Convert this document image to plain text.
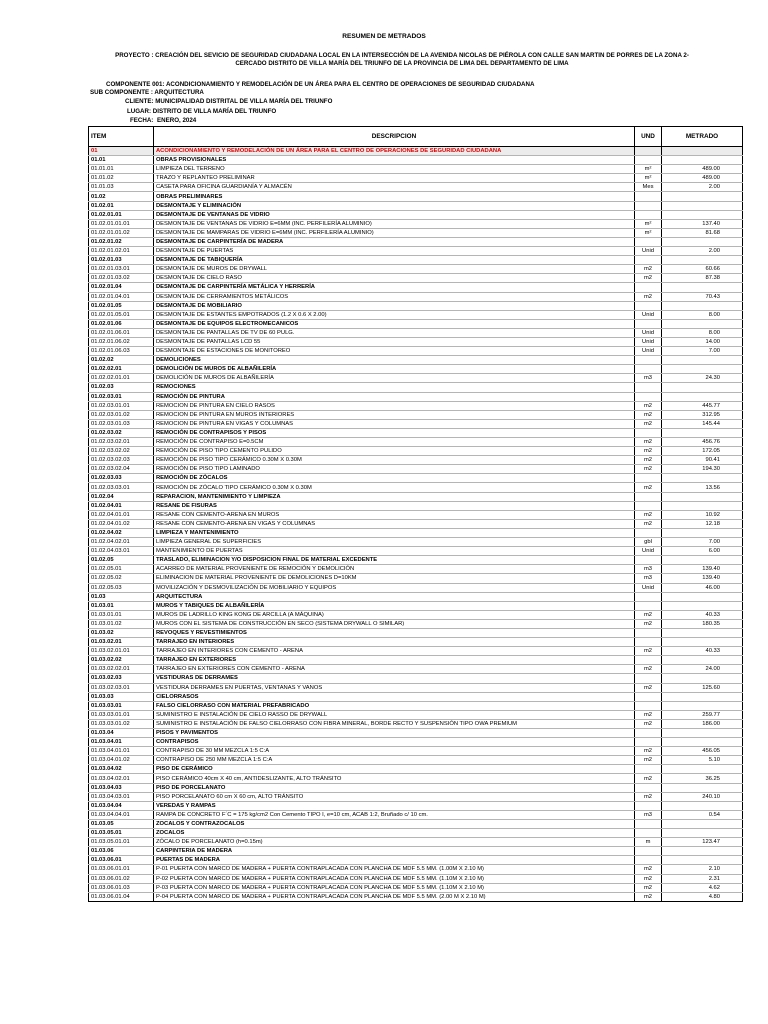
RESUMEN DE METRADOS
PROYECTO : CREACIÓN DEL SEVICIO DE SEGURIDAD CIUDADANA LOCAL EN LA INTERSECCIÓN DE LA AVENIDA NICOLAS DE PIÉROLA CON CALLE SAN MARTIN DE PORRES DE LA ZONA 2-
CERCADO DISTRITO DE VILLA MARÍA DEL TRIUNFO DE LA PROVINCIA DE LIMA DEL DEPARTAMENTO DE LIMA
COMPONENTE 001: ACONDICIONAMIENTO Y REMODELACIÓN DE UN ÁREA PARA EL CENTRO DE OPERACIONES DE SEGURIDAD CIUDADANA
SUB COMPONENTE : ARQUITECTURA
CLIENTE: MUNICIPALIDAD DISTRITAL DE VILLA MARÍA DEL TRIUNFO
LUGAR: DISTRITO DE VILLA MARÍA DEL TRIUNFO
FECHA: ENERO, 2024
ITEM	DESCRIPCION	UND	METRADO
01	ACONDICIONAMIENTO Y REMODELACIÓN DE UN ÁREA PARA EL CENTRO DE OPERACIONES DE SEGURIDAD CIUDADANA		
01.01	OBRAS PROVISIONALES		
01.01.01	LIMPIEZA DEL TERRENO	m²	489.00
01.01.02	TRAZO Y REPLANTEO PRELIMINAR	m²	489.00
01.01.03	CASETA PARA OFICINA GUARDIANÍA Y ALMACÉN	Mes	2.00
01.02	OBRAS PRELIMINARES		
01.02.01	DESMONTAJE Y ELIMINACIÓN		
01.02.01.01	DESMONTAJE DE VENTANAS DE VIDRIO		
01.02.01.01.01	DESMONTAJE DE VENTANAS DE VIDRIO E=6MM (INC. PERFILERÍA ALUMINIO)	m²	137.40
01.02.01.01.02	DESMONTAJE DE MAMPARAS DE VIDRIO E=6MM (INC. PERFILERÍA ALUMINIO)	m²	81.68
01.02.01.02	DESMONTAJE DE CARPINTERÍA DE MADERA		
01.02.01.02.01	DESMONTAJE DE PUERTAS	Unid	2.00
01.02.01.03	DESMONTAJE DE TABIQUERÍA		
01.02.01.03.01	DESMONTAJE DE MUROS DE DRYWALL	m2	60.66
01.02.01.03.02	DESMONTAJE DE CIELO RASO	m2	87.38
01.02.01.04	DESMONTAJE DE CARPINTERÍA METÁLICA Y HERRERÍA		
01.02.01.04.01	DESMONTAJE DE CERRAMIENTOS METÁLICOS	m2	70.43
01.02.01.05	DESMONTAJE DE MOBILIARIO		
01.02.01.05.01	DESMONTAJE DE ESTANTES EMPOTRADOS (1.2 X 0.6 X 2.00)	Unid	8.00
01.02.01.06	DESMONTAJE DE EQUIPOS ELECTROMECANICOS		
01.02.01.06.01	DESMONTAJE DE PANTALLAS DE TV DE 60 PULG.	Unid	8.00
01.02.01.06.02	DESMONTAJE DE PANTALLAS LCD 55	Unid	14.00
01.02.01.06.03	DESMONTAJE DE ESTACIONES DE MONITOREO	Unid	7.00
01.02.02	DEMOLICIONES		
01.02.02.01	DEMOLICIÓN DE MUROS DE ALBAÑILERÍA		
01.02.02.01.01	DEMOLICIÓN DE MUROS DE ALBAÑILERÍA	m3	24.30
01.02.03	REMOCIONES		
01.02.03.01	REMOCIÓN DE PINTURA		
01.02.03.01.01	REMOCION DE PINTURA EN CIELO RASOS	m2	445.77
01.02.03.01.02	REMOCION DE PINTURA EN MUROS INTERIORES	m2	312.95
01.02.03.01.03	REMOCION DE PINTURA EN VIGAS Y COLUMNAS	m2	145.44
01.02.03.02	REMOCIÓN DE CONTRAPISOS Y PISOS		
01.02.03.02.01	REMOCIÓN DE CONTRAPISO E=0.5CM	m2	456.76
01.02.03.02.02	REMOCIÓN DE PISO TIPO CEMENTO PULIDO	m2	172.05
01.02.03.02.03	REMOCIÓN DE PISO TIPO CERÁMICO 0.30M X 0.30M	m2	90.41
01.02.03.02.04	REMOCIÓN DE PISO TIPO LAMINADO	m2	194.30
01.02.03.03	REMOCIÓN DE ZÓCALOS		
01.02.03.03.01	REMOCIÓN DE ZÓCALO TIPO CERÁMICO 0.30M X 0.30M	m2	13.56
01.02.04	REPARACION, MANTENIMIENTO Y LIMPIEZA		
01.02.04.01	RESANE DE FISURAS		
01.02.04.01.01	RESANE CON CEMENTO-ARENA EN MUROS	m2	10.92
01.02.04.01.02	RESANE CON CEMENTO-ARENA EN VIGAS Y COLUMNAS	m2	12.18
01.02.04.02	LIMPIEZA Y MANTENIMIENTO		
01.02.04.02.01	LIMPIEZA GENERAL DE SUPERFICIES	gbl	7.00
01.02.04.03.01	MANTENIMIENTO DE PUERTAS	Unid	6.00
01.02.05	TRASLADO, ELIMINACION Y/O DISPOSICION FINAL DE MATERIAL EXCEDENTE		
01.02.05.01	ACARREO DE MATERIAL PROVENIENTE DE REMOCIÓN Y DEMOLICIÓN	m3	139.40
01.02.05.02	ELIMINACION DE MATERIAL PROVENIENTE DE DEMOLICIONES D=10KM	m3	139.40
01.02.05.03	MOVILIZACIÓN Y DESMOVILIZACIÓN DE MOBILIARIO Y EQUIPOS	Unid	46.00
01.03	ARQUITECTURA		
01.03.01	MUROS Y TABIQUES DE ALBAÑILERÍA		
01.03.01.01	MUROS DE LADRILLO KING KONG DE ARCILLA (A MÁQUINA)	m2	40.33
01.03.01.02	MUROS CON EL SISTEMA DE CONSTRUCCIÓN EN SECO (SISTEMA DRYWALL O SIMILAR)	m2	180.35
01.03.02	REVOQUES Y REVESTIMIENTOS		
01.03.02.01	TARRAJEO EN INTERIORES		
01.03.02.01.01	TARRAJEO EN INTERIORES CON CEMENTO - ARENA	m2	40.33
01.03.02.02	TARRAJEO EN EXTERIORES		
01.03.02.02.01	TARRAJEO EN EXTERIORES CON CEMENTO - ARENA	m2	24.00
01.03.02.03	VESTIDURAS DE DERRAMES		
01.03.02.03.01	VESTIDURA DERRAMES EN PUERTAS, VENTANAS Y VANOS	m2	125.60
01.03.03	CIELORRASOS		
01.03.03.01	FALSO CIELORRASO CON MATERIAL PREFABRICADO		
01.03.03.01.01	SUMINISTRO E INSTALACIÓN DE CIELO RASSO DE DRYWALL	m2	259.77
01.03.03.01.02	SUMINISTRO E INSTALACIÓN DE FALSO CIELORRASO CON FIBRA MINERAL, BORDE RECTO Y SUSPENSIÓN TIPO OWA PREMIUM	m2	186.00
01.03.04	PISOS Y PAVIMENTOS		
01.03.04.01	CONTRAPISOS		
01.03.04.01.01	CONTRAPISO DE 30 MM MEZCLA 1:5 C:A	m2	456.05
01.03.04.01.02	CONTRAPISO DE 250 MM MEZCLA 1:5 C:A	m2	5.10
01.03.04.02	PISO DE CERÁMICO		
01.03.04.02.01	PISO CERÁMICO 40cm X 40 cm, ANTIDESLIZANTE, ALTO TRÁNSITO	m2	36.25
01.03.04.03	PISO DE PORCELANATO		
01.03.04.03.01	PISO PORCELANATO 60 cm X 60 cm, ALTO TRÁNSITO	m2	240.10
01.03.04.04	VEREDAS Y RAMPAS		
01.03.04.04.01	RAMPA DE CONCRETO F´C = 175 kg/cm2 Con Cemento TIPO I, e=10 cm, ACAB 1:2, Bruñado c/ 10 cm.	m3	0.54
01.03.05	ZOCALOS Y CONTRAZOCALOS		
01.03.05.01	ZOCALOS		
01.03.05.01.01	ZÓCALO DE PORCELANATO (h=0.15m)	m	123.47
01.03.06	CARPINTERIA DE MADERA		
01.03.06.01	PUERTAS DE MADERA		
01.03.06.01.01	P-01 PUERTA CON MARCO DE MADERA + PUERTA CONTRAPLACADA CON PLANCHA DE MDF 5.5 MM. (1.00M X 2.10 M)	m2	2.10
01.03.06.01.02	P-02 PUERTA CON MARCO DE MADERA + PUERTA CONTRAPLACADA CON PLANCHA DE MDF 5.5 MM. (1.10M X 2.10 M)	m2	2.31
01.03.06.01.03	P-03 PUERTA CON MARCO DE MADERA + PUERTA CONTRAPLACADA CON PLANCHA DE MDF 5.5 MM. (1.10M X 2.10 M)	m2	4.62
01.03.06.01.04	P-04 PUERTA CON MARCO DE MADERA + PUERTA CONTRAPLACADA CON PLANCHA DE MDF 5.5 MM. (2.00 M X 2.10 M)	m2	4.80
